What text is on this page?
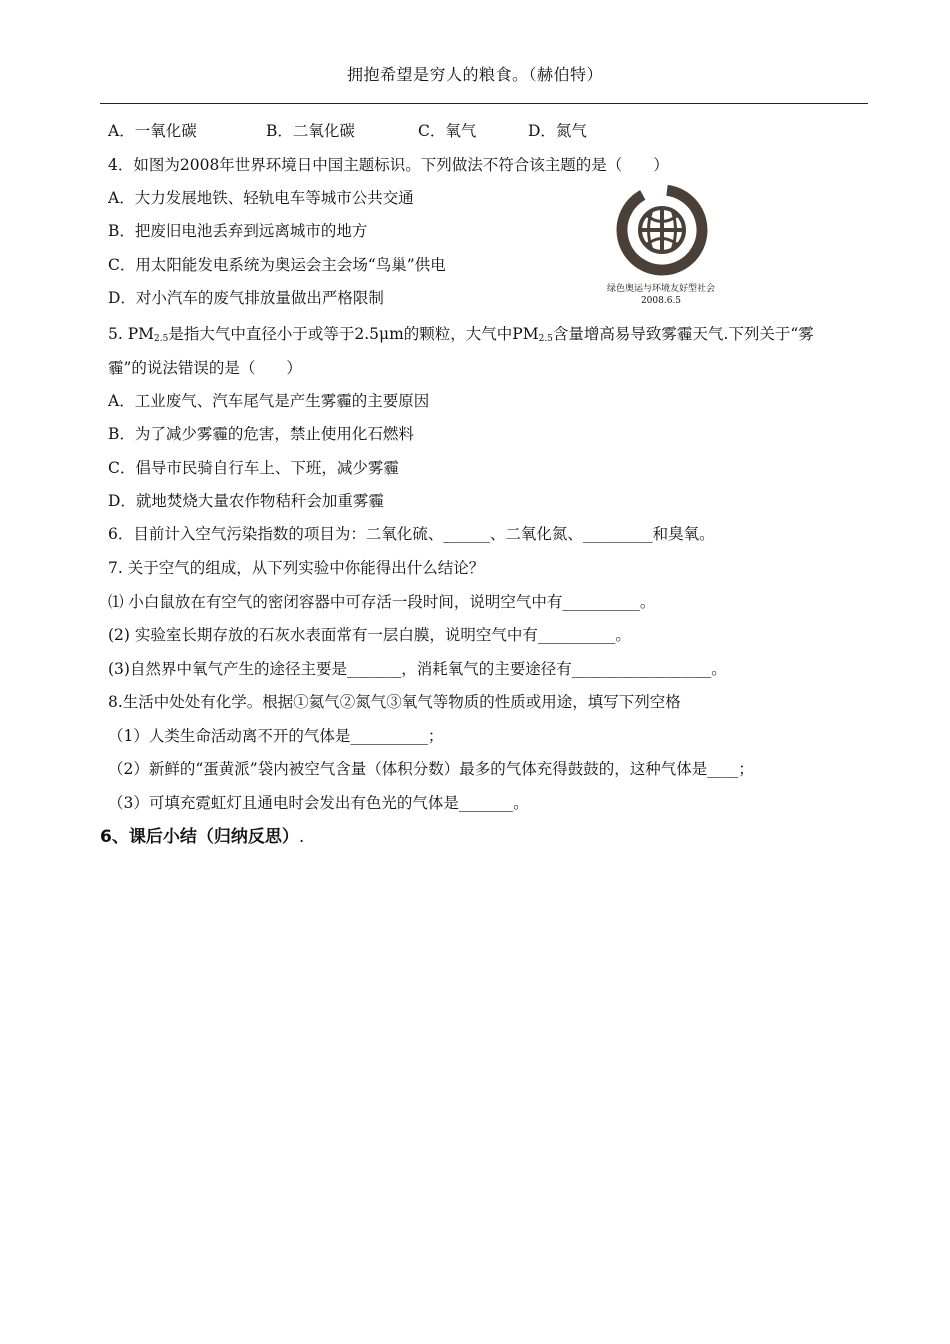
拥抱希望是穷人的粮食。（赫伯特）
A．一氧化碳	B．二氧化碳	C．氧气	D．氮气
4．如图为2008年世界环境日中国主题标识。下列做法不符合该主题的是（　　）
A．大力发展地铁、轻轨电车等城市公共交通
B．把废旧电池丢弃到远离城市的地方
C．用太阳能发电系统为奥运会主会场“鸟巢”供电
D．对小汽车的废气排放量做出严格限制	绿色奥运与环境友好型社会
2008.6.5
5. $PM_{2.5}$是指大气中直径小于或等于2.5μm的颗粒，大气中$PM_{2.5}$含量增高易导致雾霾天气.下列关于“雾
霾”的说法错误的是（　　）
A．工业废气、汽车尾气是产生雾霾的主要原因
B．为了减少雾霾的危害，禁止使用化石燃料
C．倡导市民骑自行车上、下班，减少雾霾
D．就地焚烧大量农作物秸秆会加重雾霾
6．目前计入空气污染指数的项目为：二氧化硫、______、二氧化氮、_________和臭氧。
7. 关于空气的组成，从下列实验中你能得出什么结论？
⑴ 小白鼠放在有空气的密闭容器中可存活一段时间，说明空气中有__________。
(2) 实验室长期存放的石灰水表面常有一层白膜，说明空气中有__________。
(3)自然界中氧气产生的途径主要是_______，消耗氧气的主要途径有__________________。
8.生活中处处有化学。根据①氦气②氮气③氧气等物质的性质或用途，填写下列空格
（1）人类生命活动离不开的气体是__________；
（2）新鲜的“蛋黄派”袋内被空气含量（体积分数）最多的气体充得鼓鼓的，这种气体是____；
（3）可填充霓虹灯且通电时会发出有色光的气体是_______。
6、课后小结（归纳反思）.
